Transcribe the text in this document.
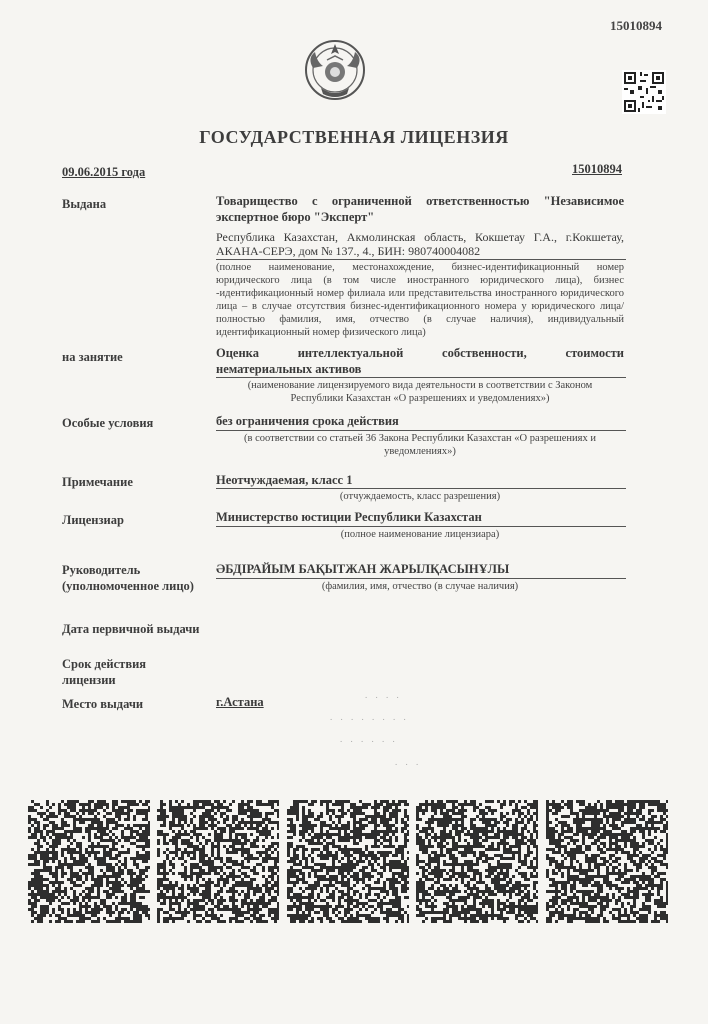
15010894
ГОСУДАРСТВЕННАЯ ЛИЦЕНЗИЯ
09.06.2015 года	15010894
Выдана	Товарищество с ограниченной ответственностью "Независимое
экспертное бюро "Эксперт"
Республика Казахстан, Акмолинская область, Кокшетау Г.А., г.Кокшетау,
АКАНА-СЕРЭ, дом № 137., 4., БИН: 980740004082
(полное наименование, местонахождение, бизнес-идентификационный номер юридического лица (в том числе иностранного юридического лица), бизнес -идентификационный номер филиала или представительства иностранного юридического лица – в случае отсутствия бизнес-идентификационного номера у юридического лица/полностью фамилия, имя, отчество (в случае наличия), индивидуальный идентификационный номер физического лица)
на занятие	Оценка интеллектуальной собственности, стоимости
нематериальных активов
(наименование лицензируемого вида деятельности в соответствии с Законом
Республики Казахстан «О разрешениях и уведомлениях»)
Особые условия	без ограничения срока действия
(в соответствии со статьей 36 Закона Республики Казахстан «О разрешениях и
уведомлениях»)
Примечание	Неотчуждаемая, класс 1
(отчуждаемость, класс разрешения)
Лицензиар	Министерство юстиции Республики Казахстан
(полное наименование лицензиара)
Руководитель
(уполномоченное лицо)
ӘБДІРАЙЫМ БАҚЫТЖАН ЖАРЫЛҚАСЫНҰЛЫ
(фамилия, имя, отчество (в случае наличия)
Дата первичной выдачи
Срок действия
лицензии
Место выдачи	г.Астана	. . . .
. . . . . . . .
. . . . . .
. . .
